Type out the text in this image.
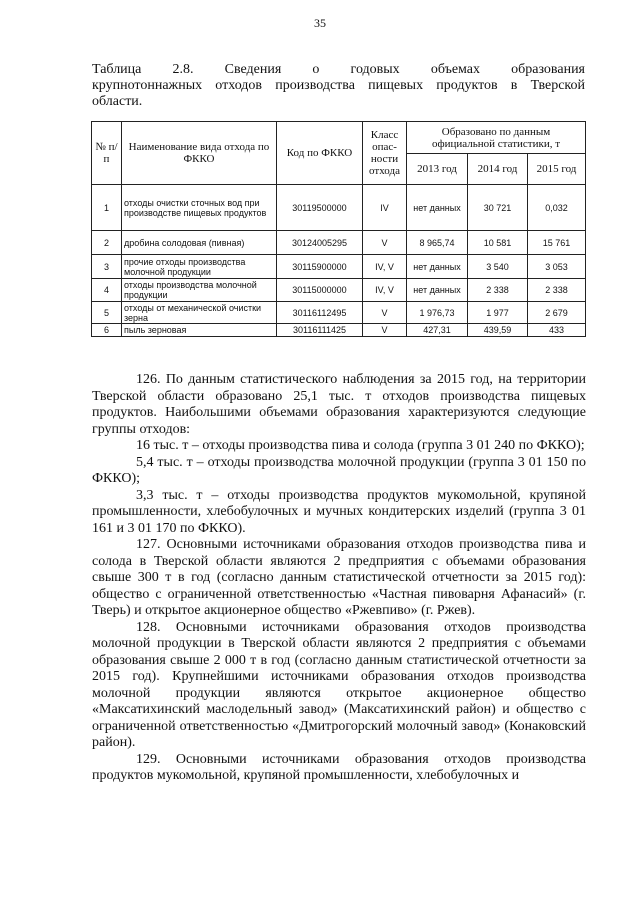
35
Таблица 2.8. Сведения о годовых объемах образования
крупнотоннажных отходов производства пищевых продуктов в Тверской
области.
№ п/п	Наименование вида отхода по ФККО	Код по ФККО	Класс опас-ности отхода	Образовано по данным официальной статистики, т		
				2013 год	2014 год	2015 год
1	отходы очистки сточных вод при производстве пищевых продуктов	30119500000	IV	нет данных	30 721	0,032
2	дробина солодовая (пивная)	30124005295	V	8 965,74	10 581	15 761
3	прочие отходы производства молочной продукции	30115900000	IV, V	нет данных	3 540	3 053
4	отходы производства молочной продукции	30115000000	IV, V	нет данных	2 338	2 338
5	отходы от механической очистки зерна	30116112495	V	1 976,73	1 977	2 679
6	пыль зерновая	30116111425	V	427,31	439,59	433

126. По данным статистического наблюдения за 2015 год, на территории Тверской области образовано 25,1 тыс. т отходов производства пищевых продуктов. Наибольшими объемами образования характеризуются следующие группы отходов:

16 тыс. т – отходы производства пива и солода (группа 3 01 240 по ФККО);

5,4 тыс. т – отходы производства молочной продукции (группа 3 01 150 по ФККО);

3,3 тыс. т – отходы производства продуктов мукомольной, крупяной промышленности, хлебобулочных и мучных кондитерских изделий (группа 3 01 161 и 3 01 170 по ФККО).

127. Основными источниками образования отходов производства пива и солода в Тверской области являются 2 предприятия с объемами образования свыше 300 т в год (согласно данным статистической отчетности за 2015 год): общество с ограниченной ответственностью «Частная пивоварня Афанасий» (г. Тверь) и открытое акционерное общество «Ржевпиво» (г. Ржев).

128. Основными источниками образования отходов производства молочной продукции в Тверской области являются 2 предприятия с объемами образования свыше 2 000 т в год (согласно данным статистической отчетности за 2015 год). Крупнейшими источниками образования отходов производства молочной продукции являются открытое акционерное общество «Максатихинский маслодельный завод» (Максатихинский район) и общество с ограниченной ответственностью «Дмитрогорский молочный завод» (Конаковский район).

129. Основными источниками образования отходов производства продуктов мукомольной, крупяной промышленности, хлебобулочных и
